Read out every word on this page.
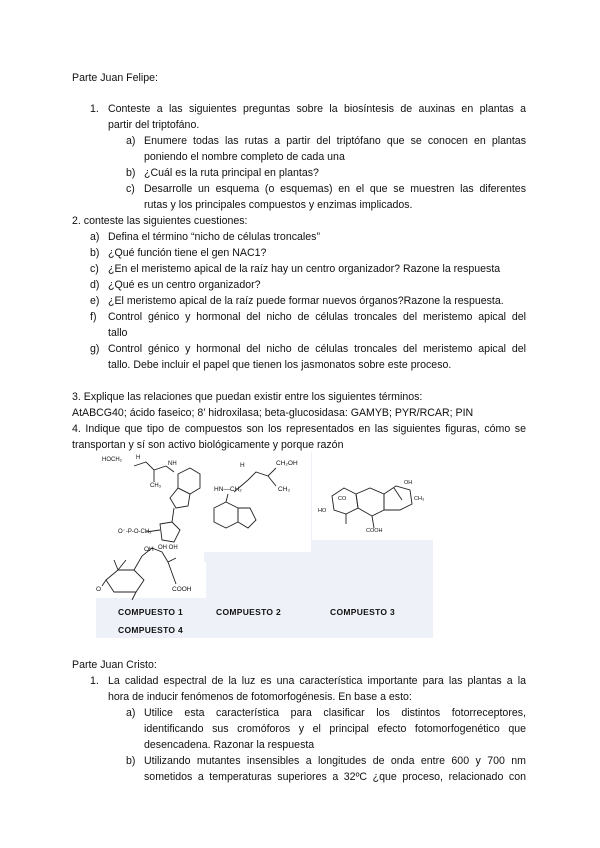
Parte Juan Felipe:
1. Conteste a las siguientes preguntas sobre la biosíntesis de auxinas en plantas a
partir del triptofáno.
a) Enumere todas las rutas a partir del triptófano que se conocen en plantas
poniendo el nombre completo de cada una
b) ¿Cuál es la ruta principal en plantas?
c) Desarrolle un esquema (o esquemas) en el que se muestren las diferentes
rutas y los principales compuestos y enzimas implicados.
2. conteste las siguientes cuestiones:
a) Defina el término “nicho de células troncales”
b) ¿Qué función tiene el gen NAC1?
c) ¿En el meristemo apical de la raíz hay un centro organizador? Razone la respuesta
d) ¿Qué es un centro organizador?
e) ¿El meristemo apical de la raíz puede formar nuevos órganos?Razone la respuesta.
f) Control génico y hormonal del nicho de células troncales del meristemo apical del
tallo
g) Control génico y hormonal del nicho de células troncales del meristemo apical del
tallo. Debe incluir el papel que tienen los jasmonatos sobre este proceso.
3. Explique las relaciones que puedan existir entre los siguientes términos:
AtABCG40; ácido faseico; 8’ hidroxilasa; beta-glucosidasa: GAMYB; PYR/RCAR; PIN
4. Indique que tipo de compuestos son los representados en las siguientes figuras, cómo se
transportan y sí son activo biológicamente y porque razón
HOCH₂ H
CH₃
NH
O⁻-P-O-CH₂
OH OH
CH₂OH
H
CH₃
HN—CH₂
OH
HO
CO
COOH
CH₃
OH
COOH
O
COMPUESTO 1	COMPUESTO 2	COMPUESTO 3
COMPUESTO 4
Parte Juan Cristo:
1. La calidad espectral de la luz es una característica importante para las plantas a la
hora de inducir fenómenos de fotomorfogénesis. En base a esto:
a) Utilice esta característica para clasificar los distintos fotorreceptores,
identificando sus cromóforos y el principal efecto fotomorfogenético que
desencadena. Razonar la respuesta
b) Utilizando mutantes insensibles a longitudes de onda entre 600 y 700 nm
sometidos a temperaturas superiores a 32ºC ¿que proceso, relacionado con
